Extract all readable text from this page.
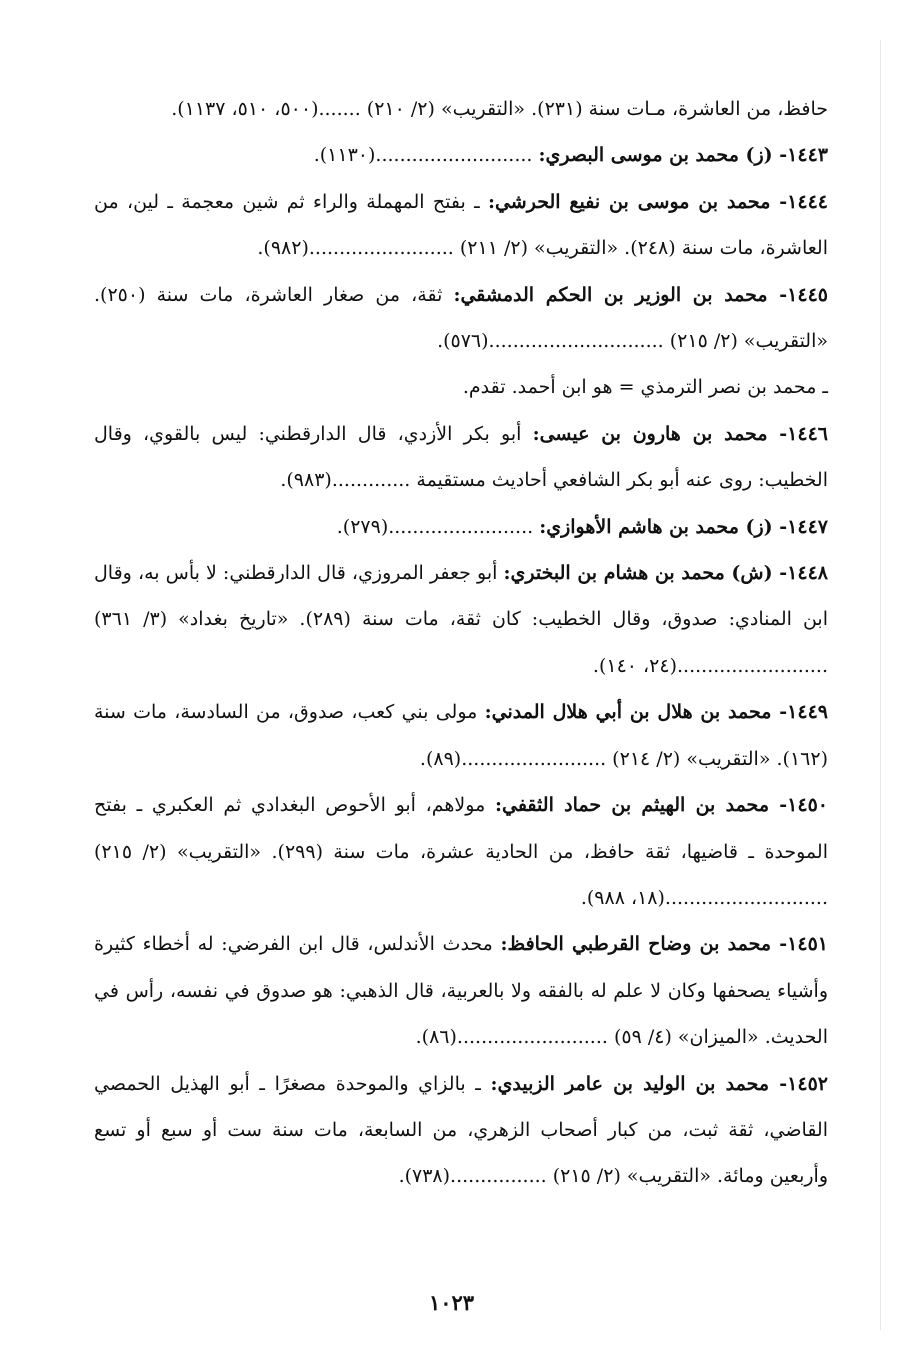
حافظ، من العاشرة، مـات سنة (٢٣١). «التقريب» (٢/ ٢١٠) .......(٥٠٠، ٥١٠، ١١٣٧).

١٤٤٣- (ز) محمد بن موسى البصري: ..........................(١١٣٠).

١٤٤٤- محمد بن موسى بن نفيع الحرشي: ـ بفتح المهملة والراء ثم شين معجمة ـ لين، من العاشرة، مات سنة (٢٤٨). «التقريب» (٢/ ٢١١) ........................(٩٨٢).

١٤٤٥- محمد بن الوزير بن الحكم الدمشقي: ثقة، من صغار العاشرة، مات سنة (٢٥٠). «التقريب» (٢/ ٢١٥) .............................(٥٧٦).

ـ محمد بن نصر الترمذي = هو ابن أحمد. تقدم.

١٤٤٦- محمد بن هارون بن عيسى: أبو بكر الأزدي، قال الدارقطني: ليس بالقوي، وقال الخطيب: روى عنه أبو بكر الشافعي أحاديث مستقيمة .............(٩٨٣).

١٤٤٧- (ز) محمد بن هاشم الأهوازي: ........................(٢٧٩).

١٤٤٨- (ش) محمد بن هشام بن البختري: أبو جعفر المروزي، قال الدارقطني: لا بأس به، وقال ابن المنادي: صدوق، وقال الخطيب: كان ثقة، مات سنة (٢٨٩). «تاريخ بغداد» (٣/ ٣٦١) .........................(٢٤، ١٤٠).

١٤٤٩- محمد بن هلال بن أبي هلال المدني: مولى بني كعب، صدوق، من السادسة، مات سنة (١٦٢). «التقريب» (٢/ ٢١٤) ........................(٨٩).

١٤٥٠- محمد بن الهيثم بن حماد الثقفي: مولاهم، أبو الأحوص البغدادي ثم العكبري ـ بفتح الموحدة ـ قاضيها، ثقة حافظ، من الحادية عشرة، مات سنة (٢٩٩). «التقريب» (٢/ ٢١٥) ...........................(١٨، ٩٨٨).

١٤٥١- محمد بن وضاح القرطبي الحافظ: محدث الأندلس، قال ابن الفرضي: له أخطاء كثيرة وأشياء يصحفها وكان لا علم له بالفقه ولا بالعربية، قال الذهبي: هو صدوق في نفسه، رأس في الحديث. «الميزان» (٤/ ٥٩) .........................(٨٦).

١٤٥٢- محمد بن الوليد بن عامر الزبيدي: ـ بالزاي والموحدة مصغرًا ـ أبو الهذيل الحمصي القاضي، ثقة ثبت، من كبار أصحاب الزهري، من السابعة، مات سنة ست أو سبع أو تسع وأربعين ومائة. «التقريب» (٢/ ٢١٥) ................(٧٣٨).

١٠٢٣
